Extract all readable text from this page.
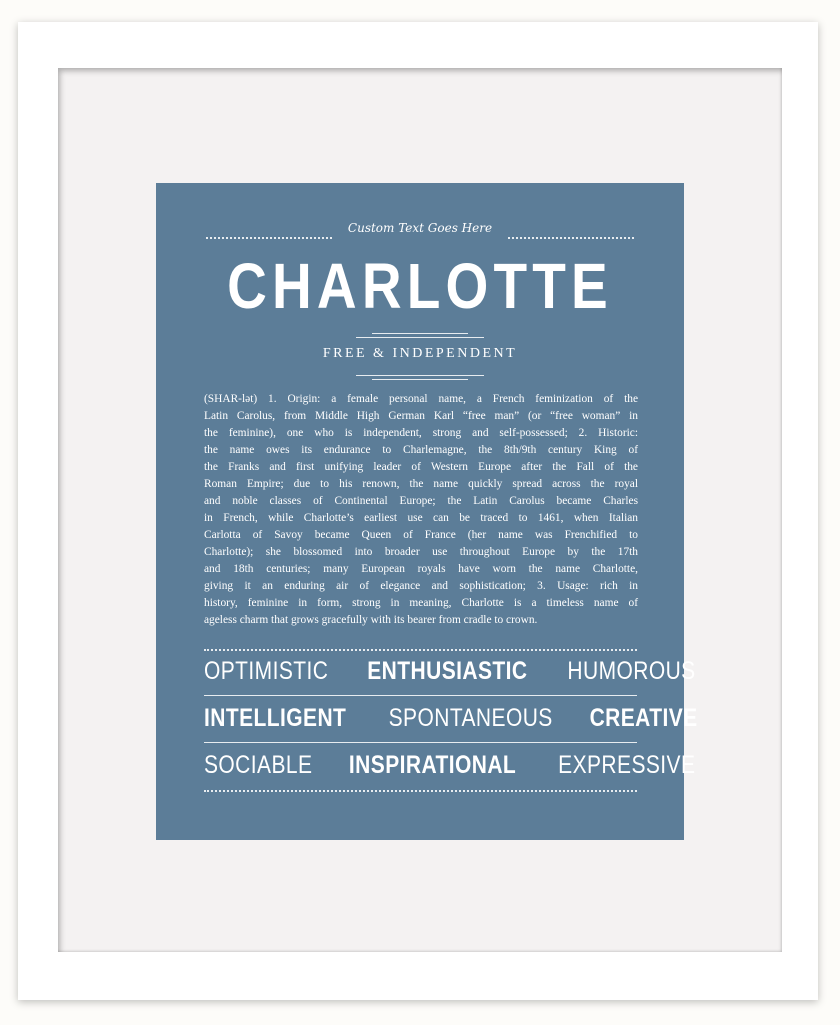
Custom Text Goes Here
CHARLOTTE
FREE & INDEPENDENT
(SHAR-lət) 1. Origin: a female personal name, a French feminization of the
Latin Carolus, from Middle High German Karl “free man” (or “free woman” in
the feminine), one who is independent, strong and self-possessed; 2. Historic:
the name owes its endurance to Charlemagne, the 8th/9th century King of
the Franks and first unifying leader of Western Europe after the Fall of the
Roman Empire; due to his renown, the name quickly spread across the royal
and noble classes of Continental Europe; the Latin Carolus became Charles
in French, while Charlotte’s earliest use can be traced to 1461, when Italian
Carlotta of Savoy became Queen of France (her name was Frenchified to
Charlotte); she blossomed into broader use throughout Europe by the 17th
and 18th centuries; many European royals have worn the name Charlotte,
giving it an enduring air of elegance and sophistication; 3. Usage: rich in
history, feminine in form, strong in meaning, Charlotte is a timeless name of
ageless charm that grows gracefully with its bearer from cradle to crown.
OPTIMISTIC ENTHUSIASTIC HUMOROUS
INTELLIGENT SPONTANEOUS CREATIVE
SOCIABLE INSPIRATIONAL EXPRESSIVE
